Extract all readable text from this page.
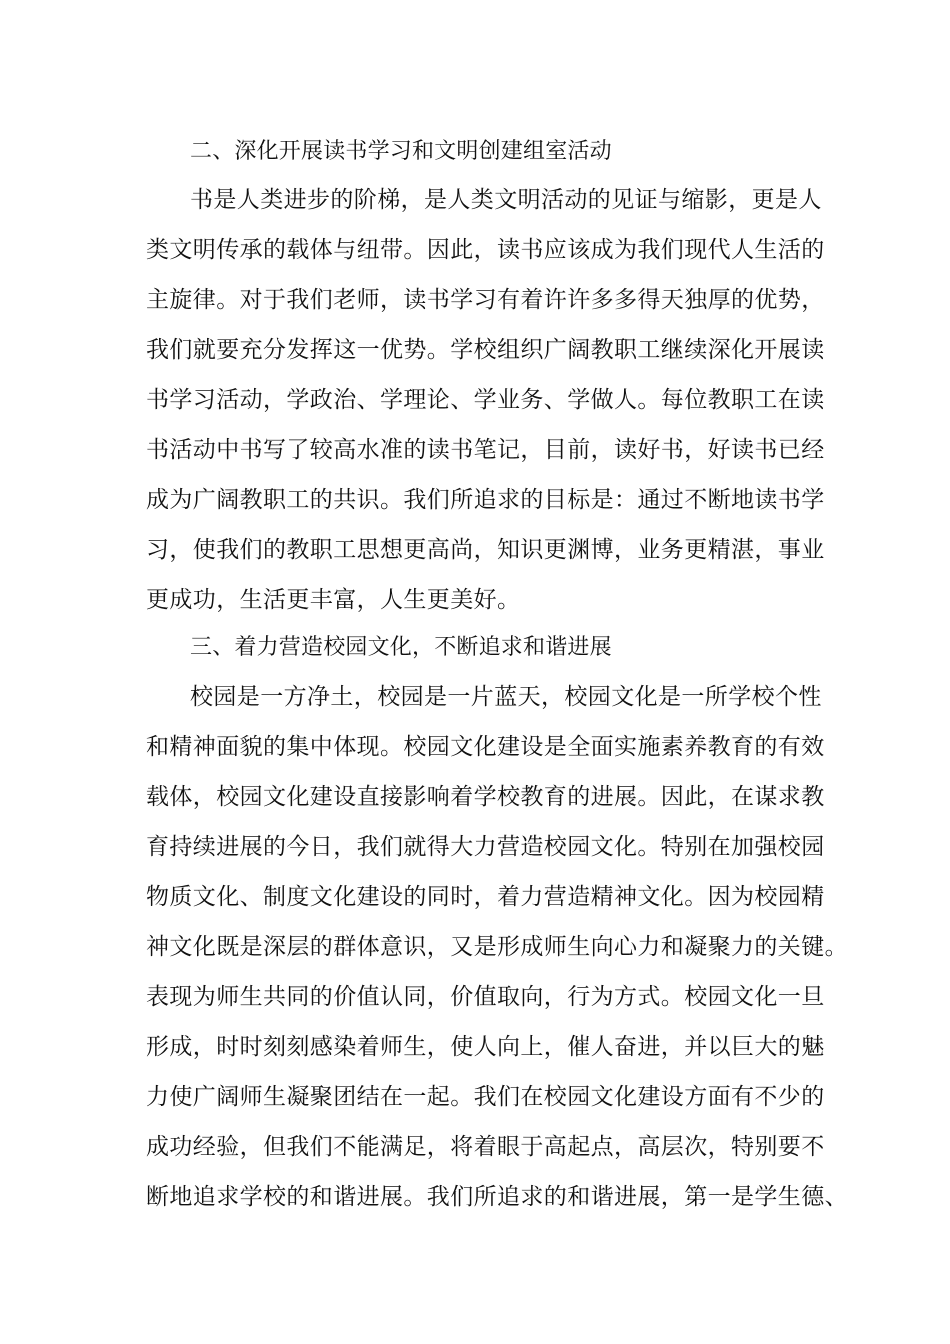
二、深化开展读书学习和文明创建组室活动
书是人类进步的阶梯，是人类文明活动的见证与缩影，更是人
类文明传承的载体与纽带。因此，读书应该成为我们现代人生活的
主旋律。对于我们老师，读书学习有着许许多多得天独厚的优势，
我们就要充分发挥这一优势。学校组织广阔教职工继续深化开展读
书学习活动，学政治、学理论、学业务、学做人。每位教职工在读
书活动中书写了较高水准的读书笔记，目前，读好书，好读书已经
成为广阔教职工的共识。我们所追求的目标是：通过不断地读书学
习，使我们的教职工思想更高尚，知识更渊博，业务更精湛，事业
更成功，生活更丰富，人生更美好。
三、着力营造校园文化，不断追求和谐进展
校园是一方净土，校园是一片蓝天，校园文化是一所学校个性
和精神面貌的集中体现。校园文化建设是全面实施素养教育的有效
载体，校园文化建设直接影响着学校教育的进展。因此，在谋求教
育持续进展的今日，我们就得大力营造校园文化。特别在加强校园
物质文化、制度文化建设的同时，着力营造精神文化。因为校园精
神文化既是深层的群体意识，又是形成师生向心力和凝聚力的关键。
表现为师生共同的价值认同，价值取向，行为方式。校园文化一旦
形成，时时刻刻感染着师生，使人向上，催人奋进，并以巨大的魅
力使广阔师生凝聚团结在一起。我们在校园文化建设方面有不少的
成功经验，但我们不能满足，将着眼于高起点，高层次，特别要不
断地追求学校的和谐进展。我们所追求的和谐进展，第一是学生德、
